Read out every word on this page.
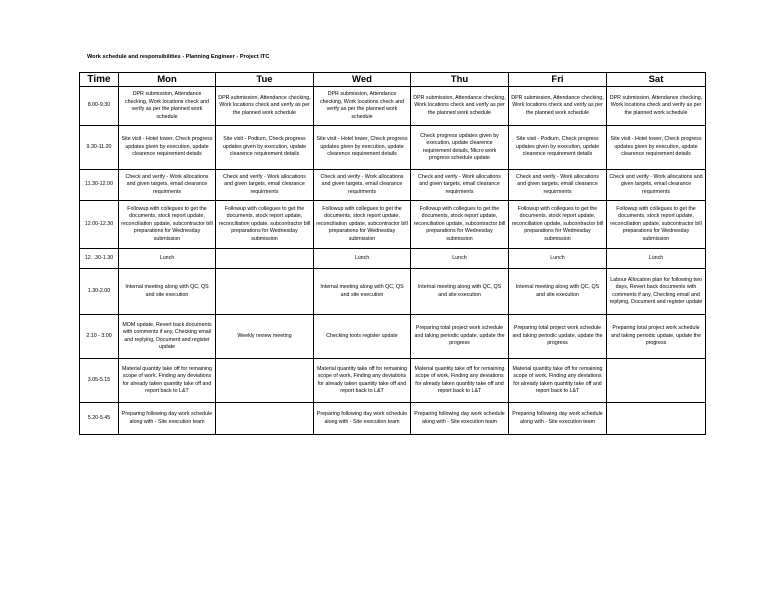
Work schedule and responsibilities - Planning Engineer - Project ITC
Time	Mon	Tue	Wed	Thu	Fri	Sat
8.00-9.30	DPR submission, Attendance checking, Work locations check and verify as per the planned work schedule	DPR submission, Attendance checking, Work locations check and verify as per the planned work schedule	DPR submission, Attendance checking, Work locations check and verify as per the planned work schedule	DPR submission, Attendance checking, Work locations check and verify as per the planned work schedule	DPR submission, Attendance checking, Work locations check and verify as per the planned work schedule	DPR submission, Attendance checking, Work locations check and verify as per the planned work schedule
9.30-11.20	Site visit - Hotel tower, Check progress updates given by execution, update clearence requirement details	Site visit - Podium, Check progress updates given by execution, update clearence requirement details	Site visit - Hotel tower, Check progress updates given by execution, update clearence requirement details	Check progress updates given by execution, update clearence requirement details, Micro work progress schedule update	Site visit - Podium, Check progress updates given by execution, update clearence requirement details	Site visit - Hotel tower, Check progress updates given by execution, update clearence requirement details
11.30-12.00	Check and verify - Work allocations and given targets, email clearance requirments	Check and verify - Work allocations and given targets, email clearance requirments	Check and verify - Work allocations and given targets, email clearance requirments	Check and verify - Work allocations and given targets, email clearance requirments	Check and verify - Work allocations and given targets, email clearance requirments	Check and verify - Work allocations and given targets, email clearance requirments
12.00-12.30	Followup with collegues to get the documents, stock report update, reconciliation update, subcontractor bill preparations for Wednesday submission	Followup with collegues to get the documents, stock report update, reconciliation update, subcontractor bill preparations for Wednesday submission	Followup with collegues to get the documents, stock report update, reconciliation update, subcontractor bill preparations for Wednesday submission	Followup with collegues to get the documents, stock report update, reconciliation update, subcontractor bill preparations for Wednesday submission	Followup with collegues to get the documents, stock report update, reconciliation update, subcontractor bill preparations for Wednesday submission	Followup with collegues to get the documents, stock report update, reconciliation update, subcontractor bill preparations for Wednesday submission
12. .30-1.30	Lunch		Lunch	Lunch	Lunch	Lunch
1.30-2.00	Internal meeting along with QC, QS and site execution		Internal meeting along with QC, QS and site execution	Internal meeting along with QC, QS and site execution	Internal meeting along with QC, QS and site execution	Labour Allocation plan for following two days, Revert back documents with comments if any, Checking email and replying, Document and register update
2.10 - 3.00	MOM update, Revert back documents with comments if any, Checking email and replying, Document and register update	Weekly review meeting	Checking tools register update	Preparing total project work schedule and taking periodic update, update the progress	Preparing total project work schedule and taking periodic update, update the progress	Preparing total project work schedule and taking periodic update, update the progress
3.05-5.15	Material quantity take off for remaining scope of work, Finding any deviations for already taken quantity take off and report back to L&T		Material quantity take off for remaining scope of work, Finding any deviations for already taken quantity take off and report back to L&T	Material quantity take off for remaining scope of work, Finding any deviations for already taken quantity take off and report back to L&T	Material quantity take off for remaining scope of work, Finding any deviations for already taken quantity take off and report back to L&T	
5.20-5.45	Preparing following day work schedule along with - Site execution team		Preparing following day work schedule along with - Site execution team	Preparing following day work schedule along with - Site execution team	Preparing following day work schedule along with - Site execution team	
